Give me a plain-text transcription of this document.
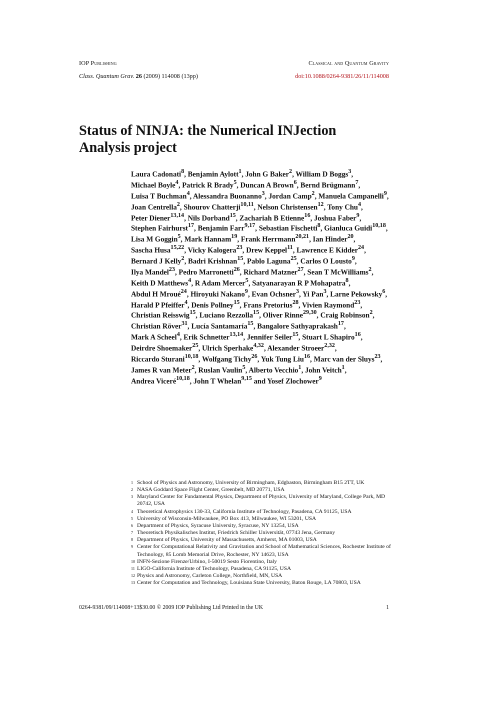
IOP Publishing	Classical and Quantum Gravity
Class. Quantum Grav. 26 (2009) 114008 (13pp)	doi:10.1088/0264-9381/26/11/114008
Status of NINJA: the Numerical INJection Analysis project
Laura Cadonati$^8$, Benjamin Aylott$^1$, John G Baker$^2$, William D Boggs$^3$, Michael Boyle$^4$, Patrick R Brady$^5$, Duncan A Brown$^6$, Bernd Brügmann$^7$, Luisa T Buchman$^4$, Alessandra Buonanno$^3$, Jordan Camp$^2$, Manuela Campanelli$^9$, Joan Centrella$^2$, Shourov Chatterji$^{10,11}$, Nelson Christensen$^{12}$, Tony Chu$^4$, Peter Diener$^{13,14}$, Nils Dorband$^{15}$, Zachariah B Etienne$^{16}$, Joshua Faber$^9$, Stephen Fairhurst$^{17}$, Benjamin Farr$^{9,17}$, Sebastian Fischetti$^8$, Gianluca Guidi$^{10,18}$, Lisa M Goggin$^5$, Mark Hannam$^{19}$, Frank Herrmann$^{20,21}$, Ian Hinder$^{20}$, Sascha Husa$^{15,22}$, Vicky Kalogera$^{23}$, Drew Keppel$^{11}$, Lawrence E Kidder$^{24}$, Bernard J Kelly$^2$, Badri Krishnan$^{15}$, Pablo Laguna$^{25}$, Carlos O Lousto$^9$, Ilya Mandel$^{23}$, Pedro Marronetti$^{26}$, Richard Matzner$^{27}$, Sean T McWilliams$^2$, Keith D Matthews$^4$, R Adam Mercer$^5$, Satyanarayan R P Mohapatra$^8$, Abdul H Mroué$^{24}$, Hiroyuki Nakano$^9$, Evan Ochsner$^3$, Yi Pan$^3$, Larne Pekowsky$^6$, Harald P Pfeiffer$^4$, Denis Pollney$^{15}$, Frans Pretorius$^{28}$, Vivien Raymond$^{23}$, Christian Reisswig$^{15}$, Luciano Rezzolla$^{15}$, Oliver Rinne$^{29,30}$, Craig Robinson$^2$, Christian Röver$^{31}$, Lucía Santamaría$^{15}$, Bangalore Sathyaprakash$^{17}$, Mark A Scheel$^4$, Erik Schnetter$^{13,14}$, Jennifer Seiler$^{15}$, Stuart L Shapiro$^{16}$, Deirdre Shoemaker$^{25}$, Ulrich Sperhake$^{4,32}$, Alexander Stroeer$^{2,32}$, Riccardo Sturani$^{10,18}$, Wolfgang Tichy$^{26}$, Yuk Tung Liu$^{16}$, Marc van der Sluys$^{23}$, James R van Meter$^2$, Ruslan Vaulin$^5$, Alberto Vecchio$^1$, John Veitch$^1$, Andrea Viceré$^{10,18}$, John T Whelan$^{9,15}$ and Yosef Zlochower$^9$
1 School of Physics and Astronomy, University of Birmingham, Edgbaston, Birmingham B15 2TT, UK
2 NASA Goddard Space Flight Center, Greenbelt, MD 20771, USA
3 Maryland Center for Fundamental Physics, Department of Physics, University of Maryland, College Park, MD 20742, USA
4 Theoretical Astrophysics 130-33, California Institute of Technology, Pasadena, CA 91125, USA
5 University of Wisconsin-Milwaukee, PO Box 413, Milwaukee, WI 53201, USA
6 Department of Physics, Syracuse University, Syracuse, NY 13254, USA
7 Theoretisch Physikalisches Institut, Friedrich Schiller Universität, 07743 Jena, Germany
8 Department of Physics, University of Massachusetts, Amherst, MA 01003, USA
9 Center for Computational Relativity and Gravitation and School of Mathematical Sciences, Rochester Institute of Technology, 85 Lomb Memorial Drive, Rochester, NY 14623, USA
10 INFN-Sezione Firenze/Urbino, I-50019 Sesto Fiorentino, Italy
11 LIGO-California Institute of Technology, Pasadena, CA 91125, USA
12 Physics and Astronomy, Carleton College, Northfield, MN, USA
13 Center for Computation and Technology, Louisiana State University, Baton Rouge, LA 70803, USA
0264-9381/09/114008+13$30.00 © 2009 IOP Publishing Ltd Printed in the UK	1
